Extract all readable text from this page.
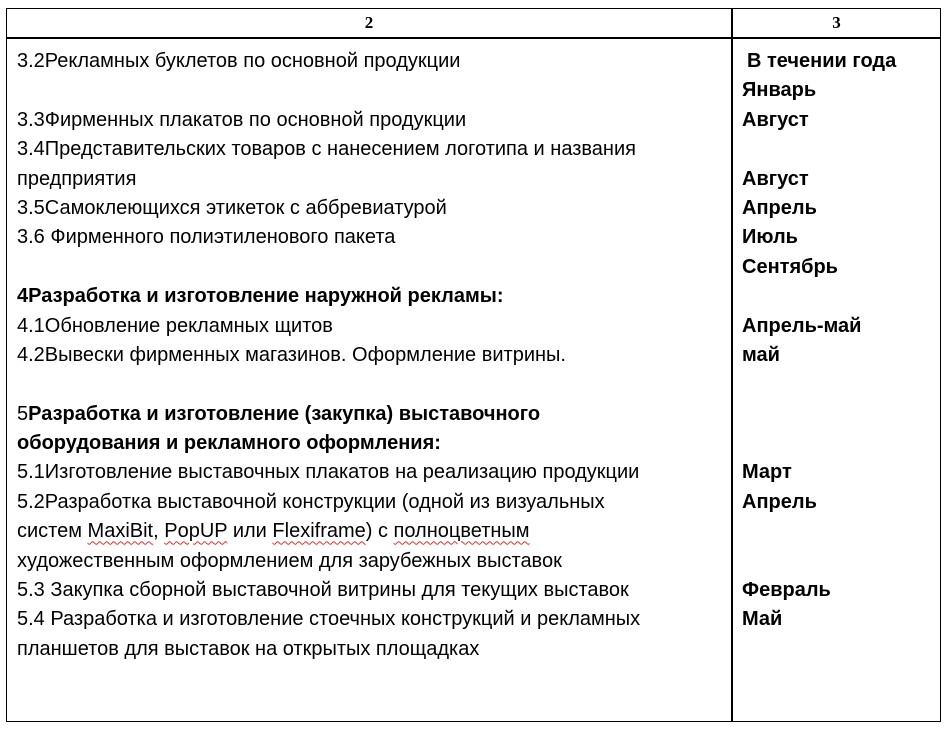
2	3
3.2Рекламных буклетов по основной продукции
3.3Фирменных плакатов по основной продукции
3.4Представительских товаров с нанесением логотипа и названия
предприятия
3.5Самоклеющихся этикеток с аббревиатурой
3.6 Фирменного полиэтиленового пакета
4Разработка и изготовление наружной рекламы:
4.1Обновление рекламных щитов
4.2Вывески фирменных магазинов. Оформление витрины.
5Разработка и изготовление (закупка) выставочного
оборудования и рекламного оформления:
5.1Изготовление выставочных плакатов на реализацию продукции
5.2Разработка выставочной конструкции (одной из визуальных
систем MaxiBit, PopUP или Flexiframe) с полноцветным
художественным оформлением для зарубежных выставок
5.3 Закупка сборной выставочной витрины для текущих выставок
5.4 Разработка и изготовление стоечных конструкций и рекламных
планшетов для выставок на открытых площадках
В течении года
Январь
Август
Август
Апрель
Июль
Сентябрь
Апрель-май
май
Март
Апрель
Февраль
Май
